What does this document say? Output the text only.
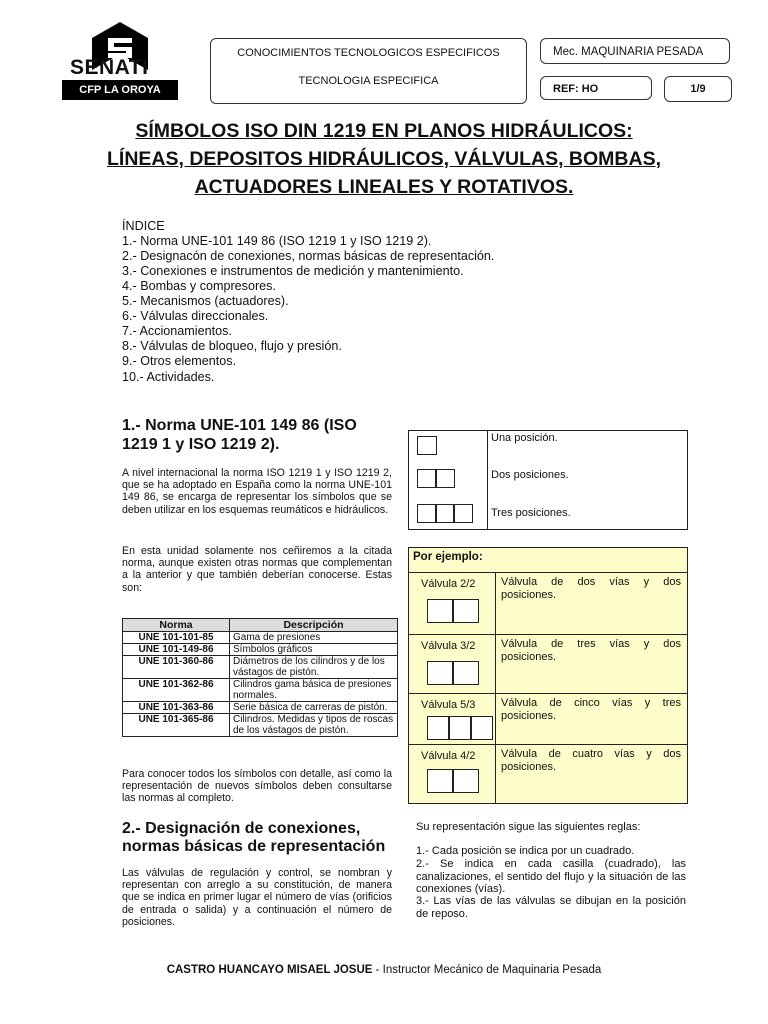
SENATI
CFP LA OROYA
CONOCIMIENTOS TECNOLOGICOS ESPECIFICOS
TECNOLOGIA ESPECIFICA
Mec. MAQUINARIA PESADA
REF: HO	1/9
SÍMBOLOS ISO DIN 1219 EN PLANOS HIDRÁULICOS:
LÍNEAS, DEPOSITOS HIDRÁULICOS, VÁLVULAS, BOMBAS,
ACTUADORES LINEALES Y ROTATIVOS.
ÍNDICE
1.- Norma UNE-101 149 86 (ISO 1219 1 y ISO 1219 2).
2.- Designacón de conexiones, normas básicas de representación.
3.- Conexiones e instrumentos de medición y mantenimiento.
4.- Bombas y compresores.
5.- Mecanismos (actuadores).
6.- Válvulas direccionales.
7.- Accionamientos.
8.- Válvulas de bloqueo, flujo y presión.
9.- Otros elementos.
10.- Actividades.
1.- Norma UNE-101 149 86 (ISO
1219 1 y ISO 1219 2).
A nivel internacional la norma ISO 1219 1 y ISO 1219 2, que se ha adoptado en España como la norma UNE-101 149 86, se encarga de representar los símbolos que se deben utilizar en los esquemas reumáticos e hidráulicos.
En esta unidad solamente nos ceñiremos a la citada norma, aunque existen otras normas que complementan a la anterior y que también deberían conocerse. Estas son:
Norma	Descripción
UNE 101-101-85	Gama de presiones
UNE 101-149-86	Símbolos gráficos
UNE 101-360-86	Diámetros de los cilindros y de los vástagos de pistón.
UNE 101-362-86	Cilindros gama básica de presiones normales.
UNE 101-363-86	Serie básica de carreras de pistón.
UNE 101-365-86	Cilindros. Medidas y tipos de roscas de los vástagos de pistón.
Para conocer todos los símbolos con detalle, así como la representación de nuevos símbolos deben consultarse las normas al completo.
Una posición.
Dos posiciones.
Tres posiciones.
Por ejemplo:
Válvula 2/2 Válvula de dos vías y dos posiciones.
Válvula 3/2 Válvula de tres vías y dos posiciones.
Válvula 5/3 Válvula de cinco vías y tres posiciones.
Válvula 4/2 Válvula de cuatro vías y dos posiciones.
2.- Designación de conexiones,
normas básicas de representación
Las válvulas de regulación y control, se nombran y representan con arreglo a su constitución, de manera que se indica en primer lugar el número de vías (orificios de entrada o salida) y a continuación el número de posiciones.
Su representación sigue las siguientes reglas:
1.- Cada posición se indica por un cuadrado.
2.- Se indica en cada casilla (cuadrado), las canalizaciones, el sentido del flujo y la situación de las conexiones (vías).
3.- Las vías de las válvulas se dibujan en la posición de reposo.
CASTRO HUANCAYO MISAEL JOSUE - Instructor Mecánico de Maquinaria Pesada
